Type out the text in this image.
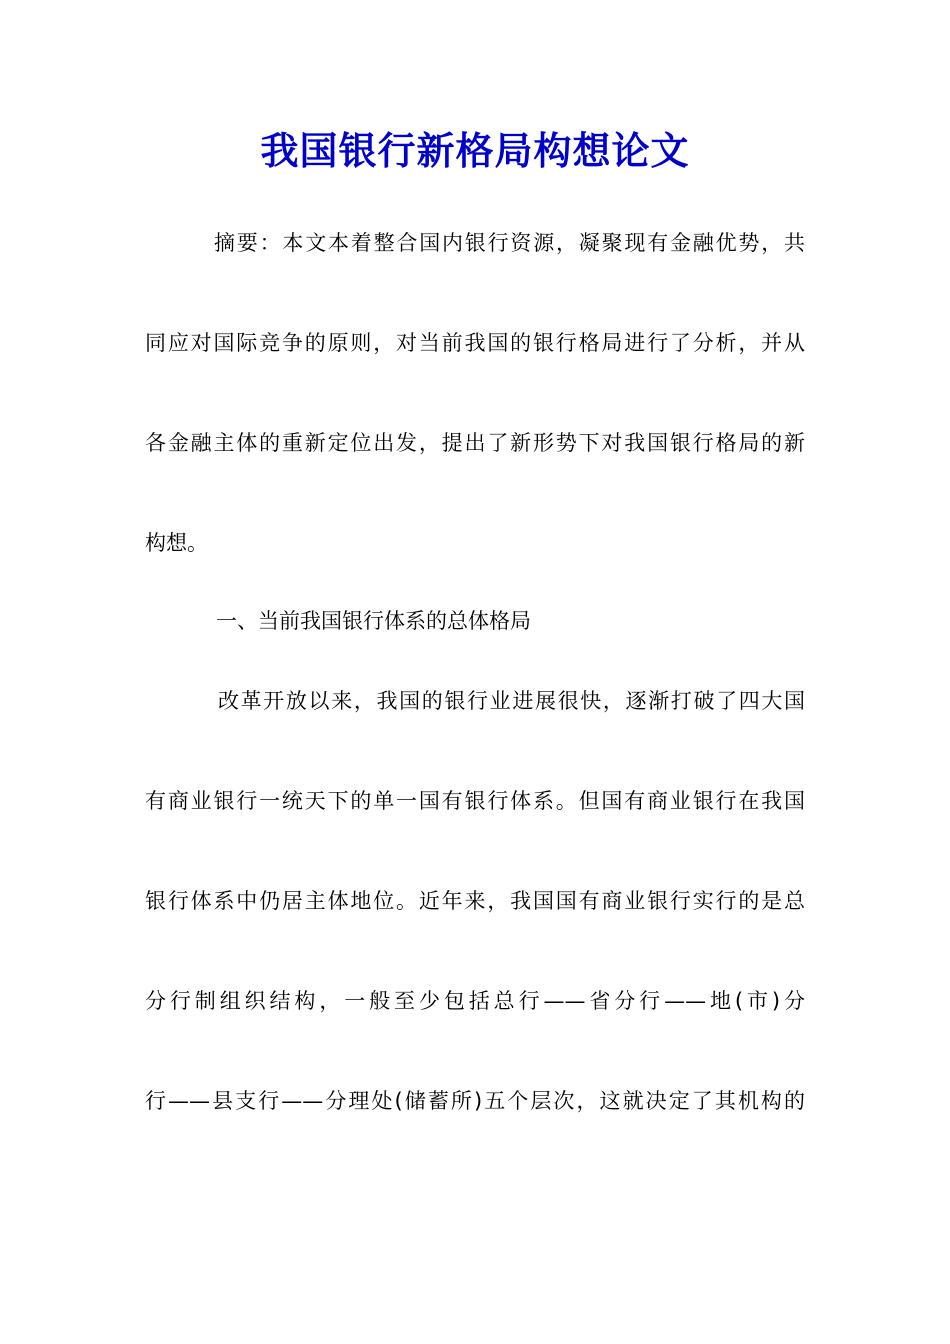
我国银行新格局构想论文
摘要：本文本着整合国内银行资源，凝聚现有金融优势，共
同应对国际竞争的原则，对当前我国的银行格局进行了分析，并从
各金融主体的重新定位出发，提出了新形势下对我国银行格局的新
构想。
一、当前我国银行体系的总体格局
改革开放以来，我国的银行业进展很快，逐渐打破了四大国
有商业银行一统天下的单一国有银行体系。但国有商业银行在我国
银行体系中仍居主体地位。近年来，我国国有商业银行实行的是总
分行制组织结构，一般至少包括总行——省分行——地(市)分
行——县支行——分理处(储蓄所)五个层次，这就决定了其机构的
